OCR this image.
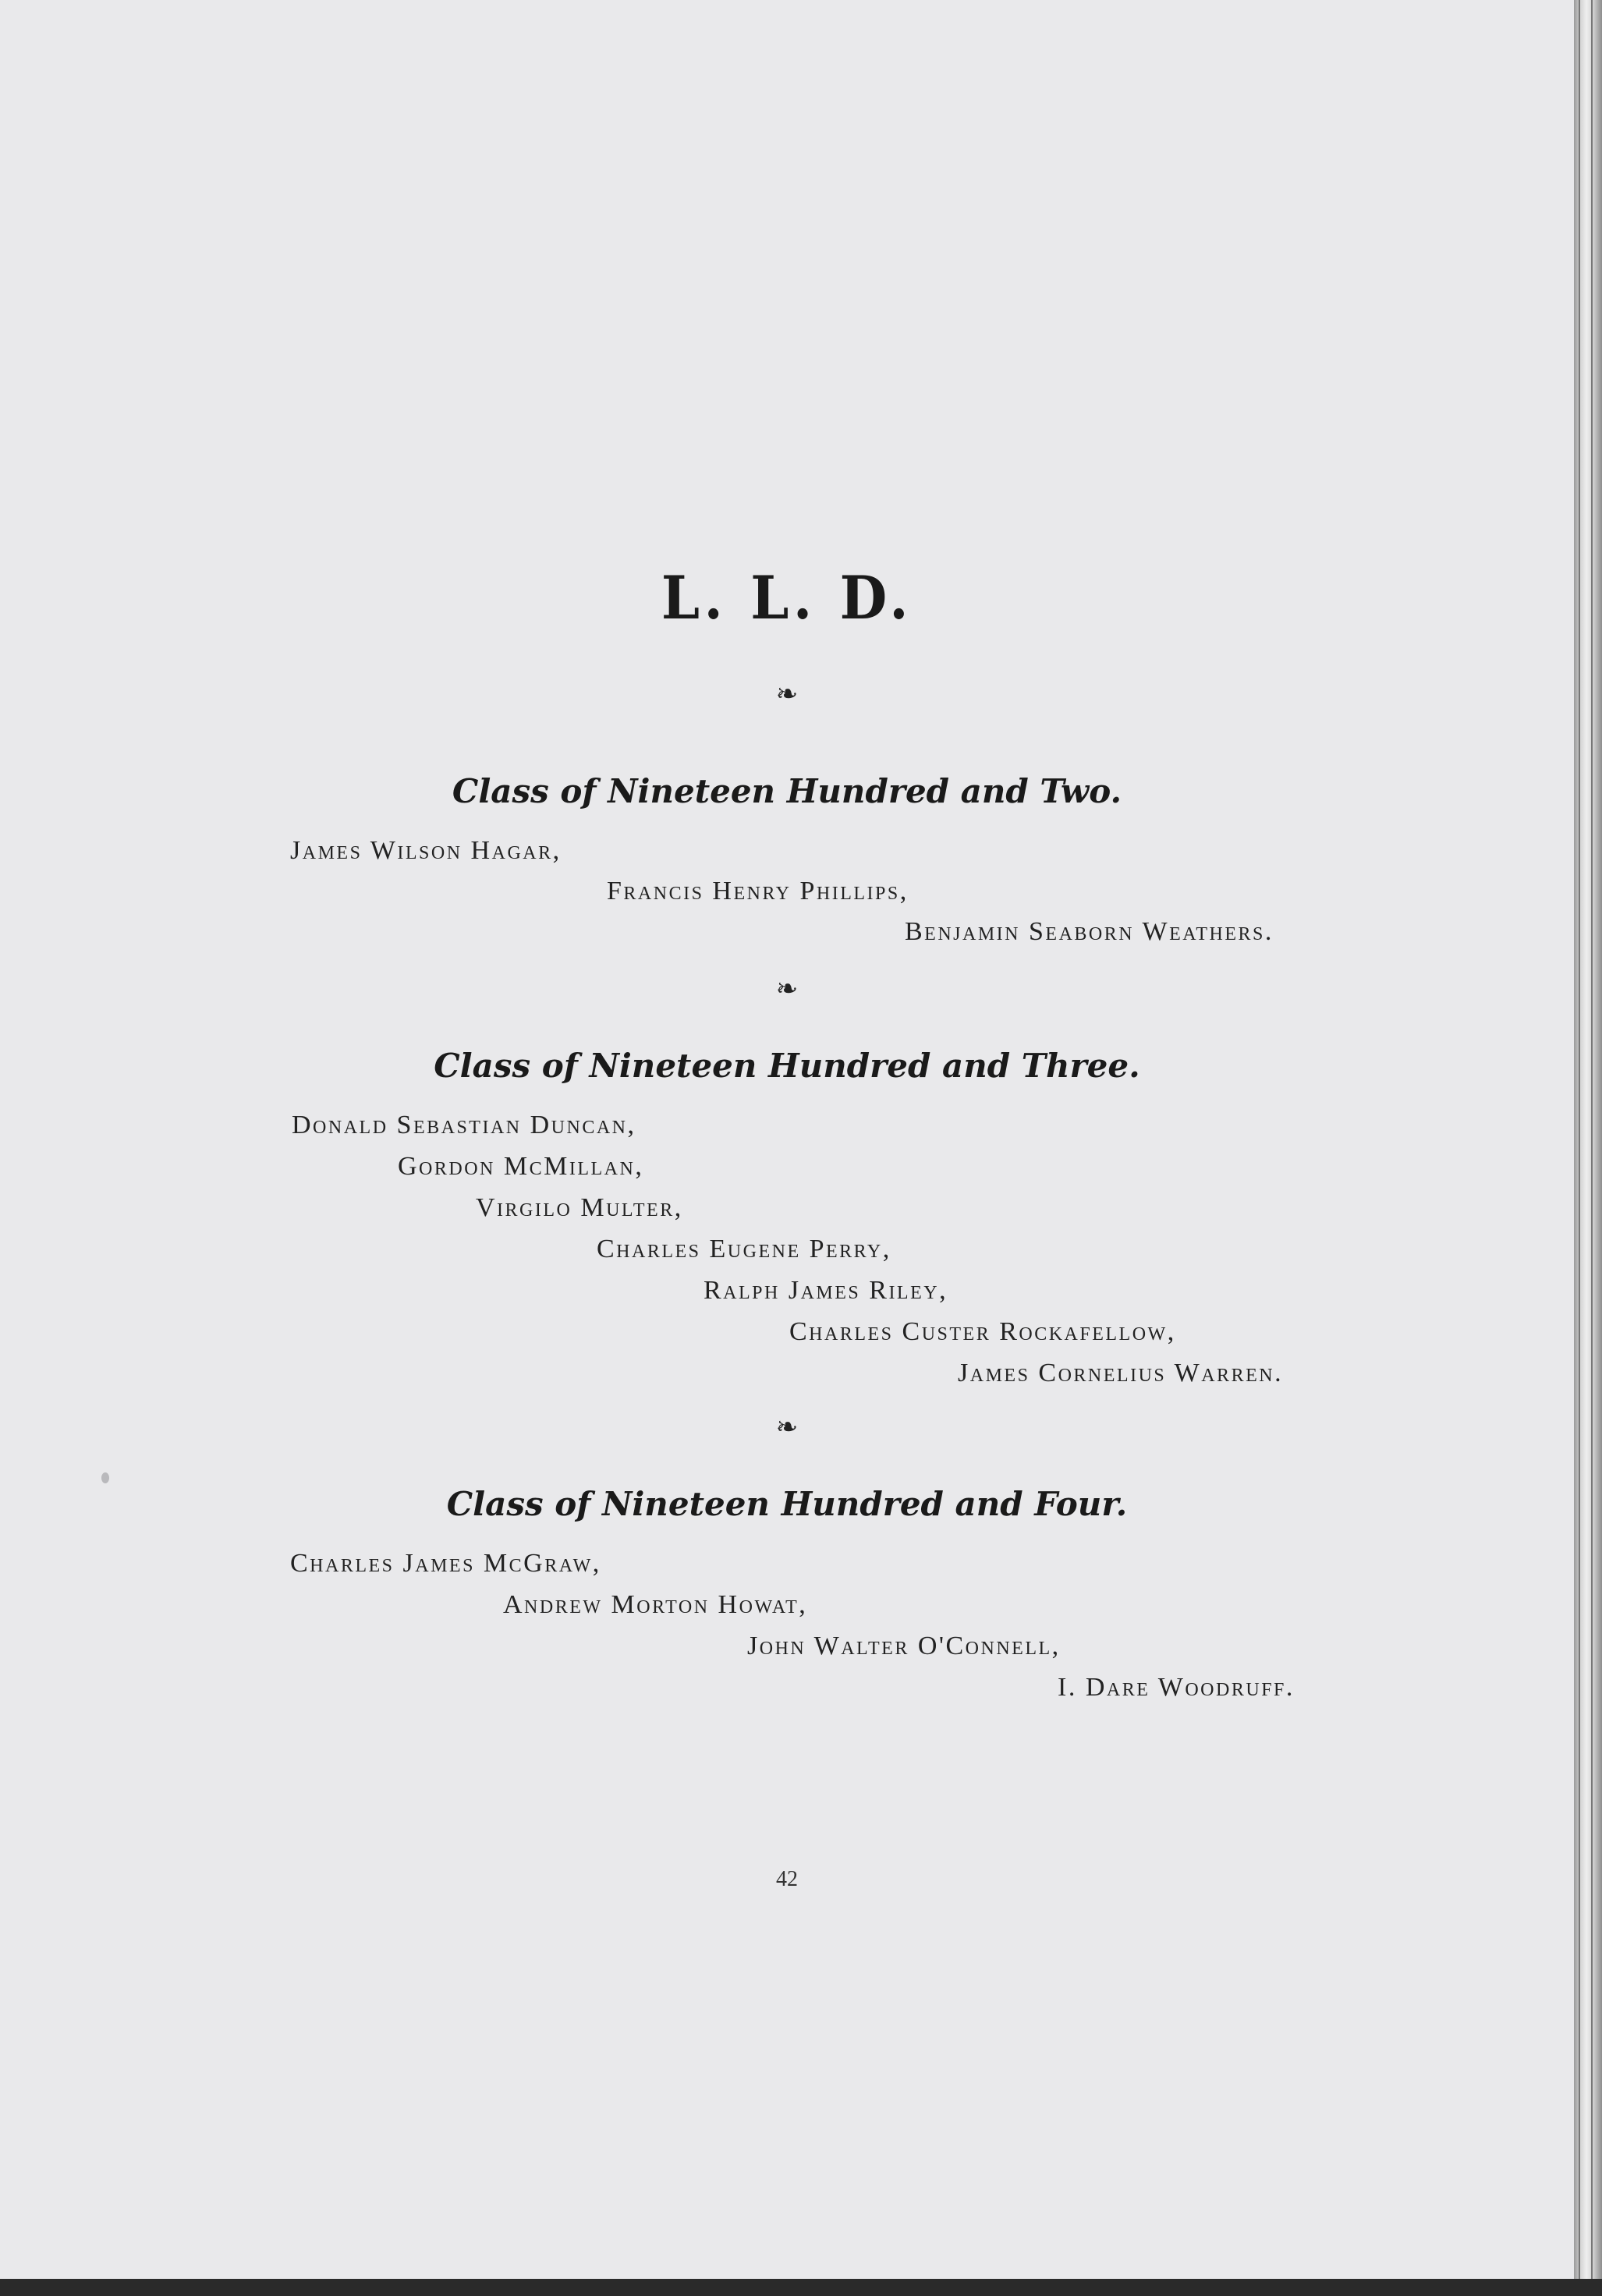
L. L. D.
❧
Class of Nineteen Hundred and Two.
James Wilson Hagar,
Francis Henry Phillips,
Benjamin Seaborn Weathers.
❧
Class of Nineteen Hundred and Three.
Donald Sebastian Duncan,
Gordon McMillan,
Virgilo Multer,
Charles Eugene Perry,
Ralph James Riley,
Charles Custer Rockafellow,
James Cornelius Warren.
❧
Class of Nineteen Hundred and Four.
Charles James McGraw,
Andrew Morton Howat,
John Walter O'Connell,
I. Dare Woodruff.
42
